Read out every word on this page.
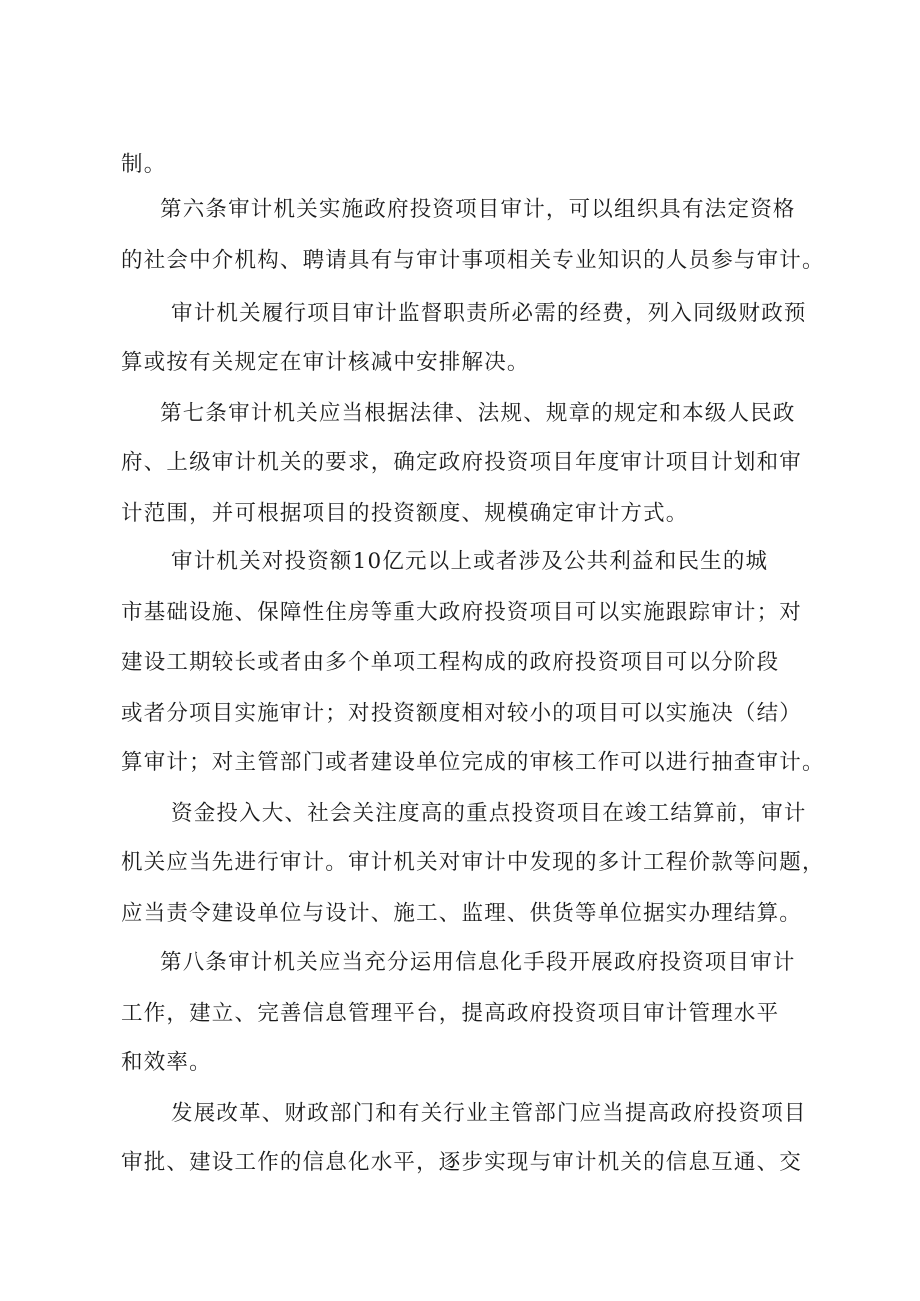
制。
第六条审计机关实施政府投资项目审计，可以组织具有法定资格
的社会中介机构、聘请具有与审计事项相关专业知识的人员参与审计。
审计机关履行项目审计监督职责所必需的经费，列入同级财政预
算或按有关规定在审计核减中安排解决。
第七条审计机关应当根据法律、法规、规章的规定和本级人民政
府、上级审计机关的要求，确定政府投资项目年度审计项目计划和审
计范围，并可根据项目的投资额度、规模确定审计方式。
审计机关对投资额10亿元以上或者涉及公共利益和民生的城
市基础设施、保障性住房等重大政府投资项目可以实施跟踪审计；对
建设工期较长或者由多个单项工程构成的政府投资项目可以分阶段
或者分项目实施审计；对投资额度相对较小的项目可以实施决（结）
算审计；对主管部门或者建设单位完成的审核工作可以进行抽查审计。
资金投入大、社会关注度高的重点投资项目在竣工结算前，审计
机关应当先进行审计。审计机关对审计中发现的多计工程价款等问题，
应当责令建设单位与设计、施工、监理、供货等单位据实办理结算。
第八条审计机关应当充分运用信息化手段开展政府投资项目审计
工作，建立、完善信息管理平台，提高政府投资项目审计管理水平
和效率。
发展改革、财政部门和有关行业主管部门应当提高政府投资项目
审批、建设工作的信息化水平，逐步实现与审计机关的信息互通、交
